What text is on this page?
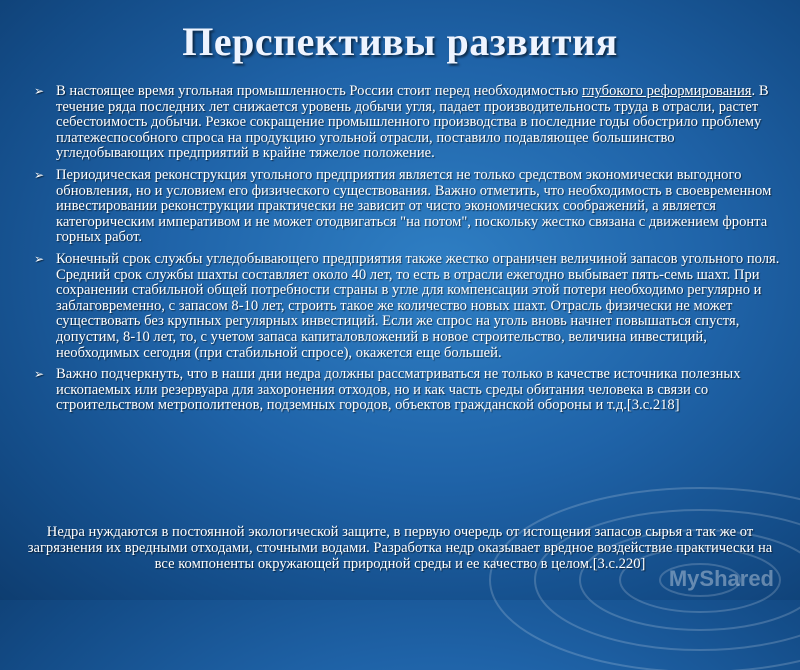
Перспективы развития
➢ В настоящее время угольная промышленность России стоит перед необходимостью глубокого реформирования. В течение ряда последних лет снижается уровень добычи угля, падает производительность труда в отрасли, растет себестоимость добычи. Резкое сокращение промышленного производства в последние годы обострило проблему платежеспособного спроса на продукцию угольной отрасли, поставило подавляющее большинство угледобывающих предприятий в крайне тяжелое положение.
➢ Периодическая реконструкция угольного предприятия является не только средством экономически выгодного обновления, но и условием его физического существования. Важно отметить, что необходимость в своевременном инвестировании реконструкции практически не зависит от чисто экономических соображений, а является категорическим императивом и не может отодвигаться "на потом", поскольку жестко связана с движением фронта горных работ.
➢ Конечный срок службы угледобывающего предприятия также жестко ограничен величиной запасов угольного поля. Средний срок службы шахты составляет около 40 лет, то есть в отрасли ежегодно выбывает пять-семь шахт. При сохранении стабильной общей потребности страны в угле для компенсации этой потери необходимо регулярно и заблаговременно, с запасом 8-10 лет, строить такое же количество новых шахт. Отрасль физически не может существовать без крупных регулярных инвестиций. Если же спрос на уголь вновь начнет повышаться спустя, допустим, 8-10 лет, то, с учетом запаса капиталовложений в новое строительство, величина инвестиций, необходимых сегодня (при стабильной спросе), окажется еще большей.
➢ Важно подчеркнуть, что в наши дни недра должны рассматриваться не только в качестве источника полезных ископаемых или резервуара для захоронения отходов, но и как часть среды обитания человека в связи со строительством метрополитенов, подземных городов, объектов гражданской обороны и т.д.[3.с.218]
Недра нуждаются в постоянной экологической защите, в первую очередь от истощения запасов сырья а так же от загрязнения их вредными отходами, сточными водами. Разработка недр оказывает вредное воздействие практически на все компоненты окружающей природной среды и ее качество в целом.[3.с.220]
MyShared
